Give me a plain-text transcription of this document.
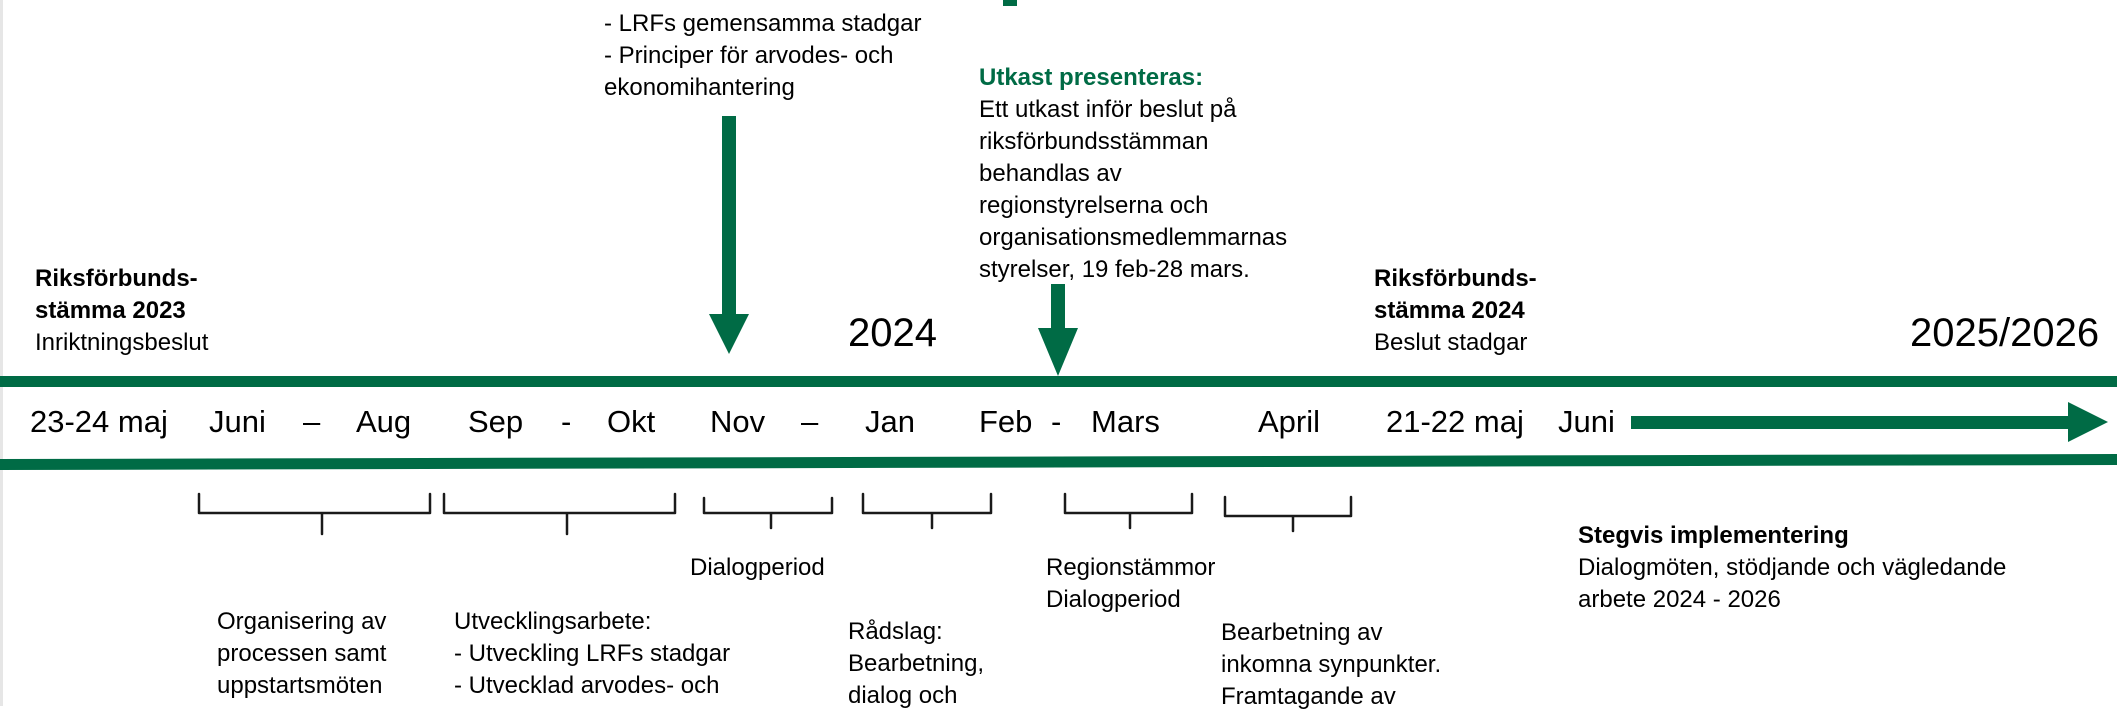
- LRFs gemensamma stadgar
- Principer för arvodes- och
ekonomihantering	Utkast presenteras:
Ett utkast inför beslut på
riksförbundsstämman
behandlas av
regionstyrelserna och
organisationsmedlemmarnas
styrelser, 19 feb-28 mars.
Riksförbunds-
stämma 2023
Inriktningsbeslut
Riksförbunds-
stämma 2024
Beslut stadgar
2024	2025/2026
23-24 maj Juni – Aug Sep - Okt Nov – Jan Feb - Mars	April 21-22 maj Juni
Organisering av
processen samt
uppstartsmöten
Utvecklingsarbete:
- Utveckling LRFs stadgar
- Utvecklad arvodes- och
Dialogperiod
Rådslag:
Bearbetning,
dialog och
Regionstämmor
Dialogperiod
Bearbetning av
inkomna synpunkter.
Framtagande av
Stegvis implementering
Dialogmöten, stödjande och vägledande
arbete 2024 - 2026
